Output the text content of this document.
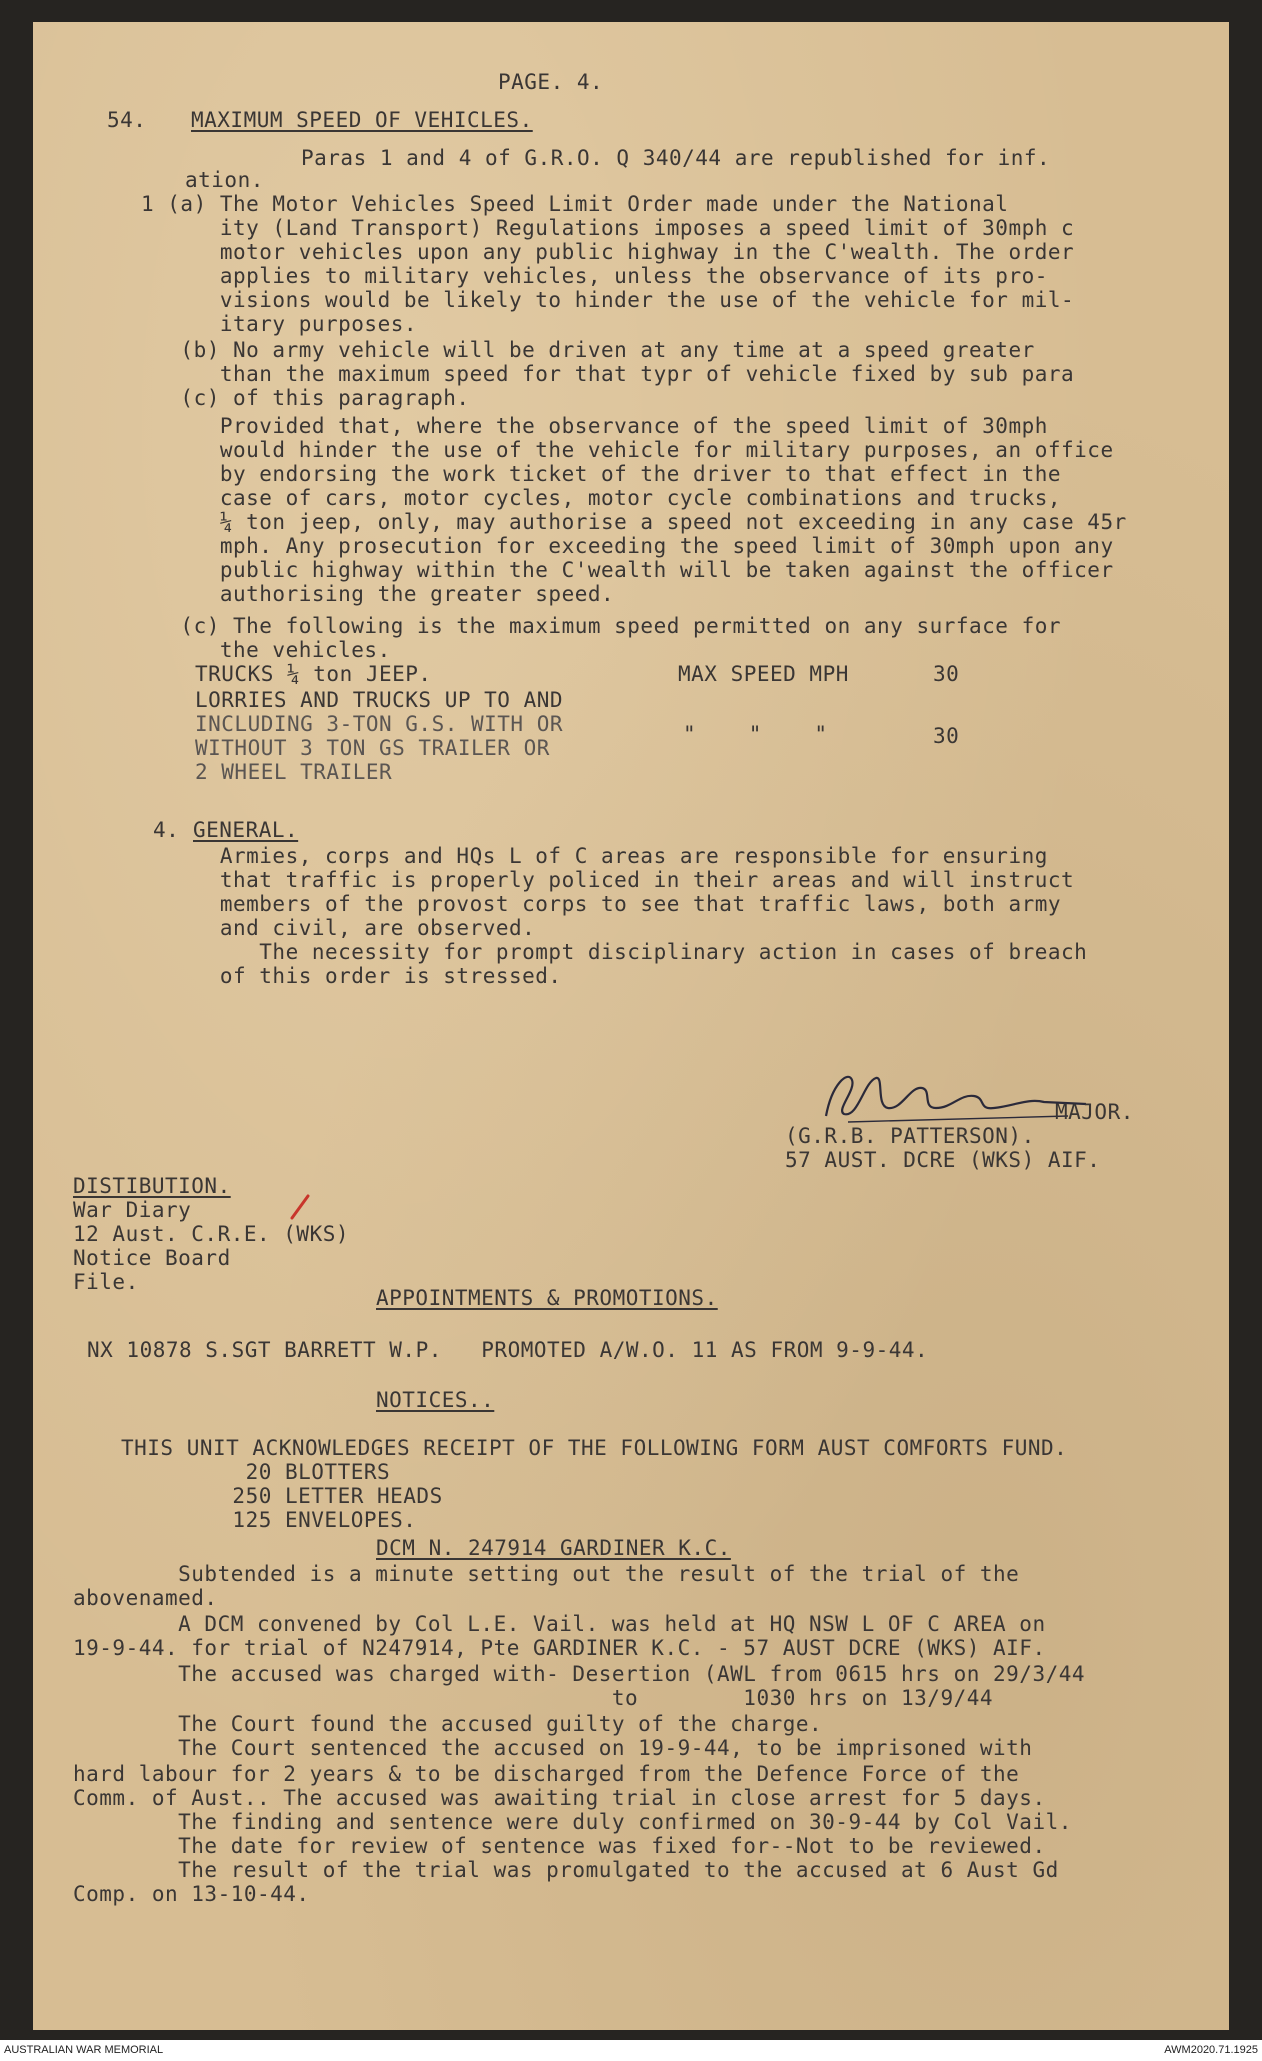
PAGE. 4.
54. MAXIMUM SPEED OF VEHICLES.
Paras 1 and 4 of G.R.O. Q 340/44 are republished for inf.
ation.
1 (a) The Motor Vehicles Speed Limit Order made under the National
ity (Land Transport) Regulations imposes a speed limit of 30mph c
motor vehicles upon any public highway in the C'wealth. The order
applies to military vehicles, unless the observance of its pro-
visions would be likely to hinder the use of the vehicle for mil-
itary purposes.
(b) No army vehicle will be driven at any time at a speed greater
than the maximum speed for that typr of vehicle fixed by sub para
(c) of this paragraph.
Provided that, where the observance of the speed limit of 30mph
would hinder the use of the vehicle for military purposes, an office
by endorsing the work ticket of the driver to that effect in the
case of cars, motor cycles, motor cycle combinations and trucks,
¼ ton jeep, only, may authorise a speed not exceeding in any case 45r
mph. Any prosecution for exceeding the speed limit of 30mph upon any
public highway within the C'wealth will be taken against the officer
authorising the greater speed.
(c) The following is the maximum speed permitted on any surface for
the vehicles.
TRUCKS ¼ ton JEEP.	MAX SPEED MPH	30
LORRIES AND TRUCKS UP TO AND
INCLUDING 3-TON G.S. WITH OR
WITHOUT 3 TON GS TRAILER OR
2 WHEEL TRAILER
"    "    "	30
4. GENERAL.
Armies, corps and HQs L of C areas are responsible for ensuring
that traffic is properly policed in their areas and will instruct
members of the provost corps to see that traffic laws, both army
and civil, are observed.
The necessity for prompt disciplinary action in cases of breach
of this order is stressed.
MAJOR.
(G.R.B. PATTERSON).
57 AUST. DCRE (WKS) AIF.
DISTIBUTION.
War Diary
12 Aust. C.R.E. (WKS)
Notice Board
File.
APPOINTMENTS & PROMOTIONS.
NX 10878 S.SGT BARRETT W.P.   PROMOTED A/W.O. 11 AS FROM 9-9-44.
NOTICES..
THIS UNIT ACKNOWLEDGES RECEIPT OF THE FOLLOWING FORM AUST COMFORTS FUND.
20 BLOTTERS
250 LETTER HEADS
125 ENVELOPES.
DCM N. 247914 GARDINER K.C.
Subtended is a minute setting out the result of the trial of the
abovenamed.
A DCM convened by Col L.E. Vail. was held at HQ NSW L OF C AREA on
19-9-44. for trial of N247914, Pte GARDINER K.C. - 57 AUST DCRE (WKS) AIF.
The accused was charged with- Desertion (AWL from 0615 hrs on 29/3/44
to        1030 hrs on 13/9/44
The Court found the accused guilty of the charge.
The Court sentenced the accused on 19-9-44, to be imprisoned with
hard labour for 2 years & to be discharged from the Defence Force of the
Comm. of Aust.. The accused was awaiting trial in close arrest for 5 days.
The finding and sentence were duly confirmed on 30-9-44 by Col Vail.
The date for review of sentence was fixed for--Not to be reviewed.
The result of the trial was promulgated to the accused at 6 Aust Gd
Comp. on 13-10-44.
AUSTRALIAN WAR MEMORIAL	AWM2020.71.1925
